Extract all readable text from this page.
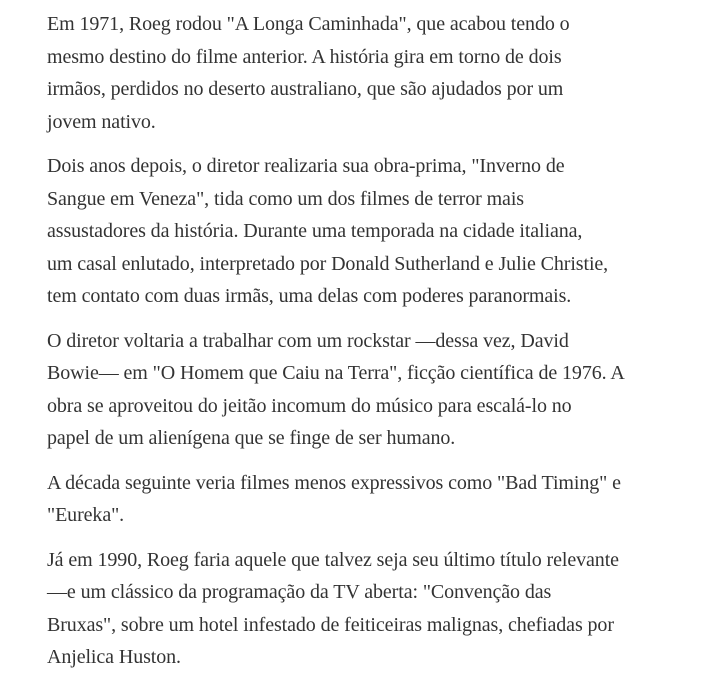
Em 1971, Roeg rodou "A Longa Caminhada", que acabou tendo o
mesmo destino do filme anterior. A história gira em torno de dois
irmãos, perdidos no deserto australiano, que são ajudados por um
jovem nativo.

Dois anos depois, o diretor realizaria sua obra-prima, "Inverno de
Sangue em Veneza", tida como um dos filmes de terror mais
assustadores da história. Durante uma temporada na cidade italiana,
um casal enlutado, interpretado por Donald Sutherland e Julie Christie,
tem contato com duas irmãs, uma delas com poderes paranormais.

O diretor voltaria a trabalhar com um rockstar —dessa vez, David
Bowie— em "O Homem que Caiu na Terra", ficção científica de 1976. A
obra se aproveitou do jeitão incomum do músico para escalá-lo no
papel de um alienígena que se finge de ser humano.

A década seguinte veria filmes menos expressivos como "Bad Timing" e
"Eureka".

Já em 1990, Roeg faria aquele que talvez seja seu último título relevante
—e um clássico da programação da TV aberta: "Convenção das
Bruxas", sobre um hotel infestado de feiticeiras malignas, chefiadas por
Anjelica Huston.
